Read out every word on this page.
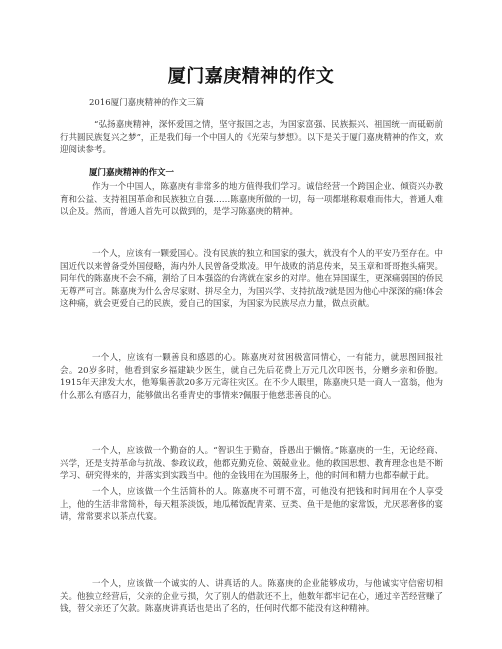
厦门嘉庚精神的作文
2016厦门嘉庚精神的作文三篇

“弘扬嘉庚精神，深怀爱国之情，坚守报国之志，为国家富强、民族振兴、祖国统一而砥砺前行共圆民族复兴之梦”，正是我们每一个中国人的《光荣与梦想》。以下是关于厦门嘉庚精神的作文，欢迎阅读参考。

厦门嘉庚精神的作文一

作为一个中国人，陈嘉庚有非常多的地方值得我们学习。诚信经营一个跨国企业、倾资兴办教育和公益、支持祖国革命和民族独立自强……陈嘉庚所做的一切，每一项都堪称艰难而伟大，普通人难以企及。然而，普通人首先可以做到的，是学习陈嘉庚的精神。

一个人，应该有一颗爱国心。没有民族的独立和国家的强大，就没有个人的平安乃至存在。中国近代以来曾备受外国侵略，海内外人民曾备受欺凌。甲午战败的消息传来，吴玉章和哥哥抱头痛哭。同年代的陈嘉庚不会不痛，割给了日本强盗的台湾就在家乡的对岸。他在异国谋生，更深痛弱国的侨民无尊严可言。陈嘉庚为什么舍尽家财、拼尽全力，为国兴学、支持抗战?就是因为他心中深深的痛!体会这种痛，就会更爱自己的民族，爱自己的国家，为国家为民族尽点力量，做点贡献。

一个人，应该有一颗善良和感恩的心。陈嘉庚对贫困极富同情心，一有能力，就思图回报社会。20岁多时，他看到家乡福建缺少医生，就自己先后花费上万元几次印医书，分赠乡亲和侨胞。1915年天津发大水，他筹集善款20多万元寄往灾区。在不少人眼里，陈嘉庚只是一商人一富翁，他为什么那么有感召力，能够做出名垂青史的事情来?佩服于他慈悲善良的心。

一个人，应该做一个勤奋的人。“智识生于勤奋，昏愚出于懒惰。”陈嘉庚的一生，无论经商、兴学，还是支持革命与抗战、参政议政，他都克勤克俭、兢兢业业。他的救国思想、教育理念也是不断学习、研究得来的，并落实到实践当中。他的金钱用在为国服务上，他的时间和精力也都奉献于此。

一个人，应该做一个生活简朴的人。陈嘉庚不可谓不富，可他没有把钱和时间用在个人享受上，他的生活非常简朴，每天粗茶淡饭，地瓜稀饭配青菜、豆类、鱼干是他的家常饭，尤厌恶奢侈的宴请，常常要求以茶点代宴。

一个人，应该做一个诚实的人、讲真话的人。陈嘉庚的企业能够成功，与他诚实守信密切相关。他独立经营后，父亲的企业亏损，欠了别人的借款还不上，他数年都牢记在心，通过辛苦经营赚了钱，替父亲还了欠款。陈嘉庚讲真话也是出了名的，任何时代都不能没有这种精神。
